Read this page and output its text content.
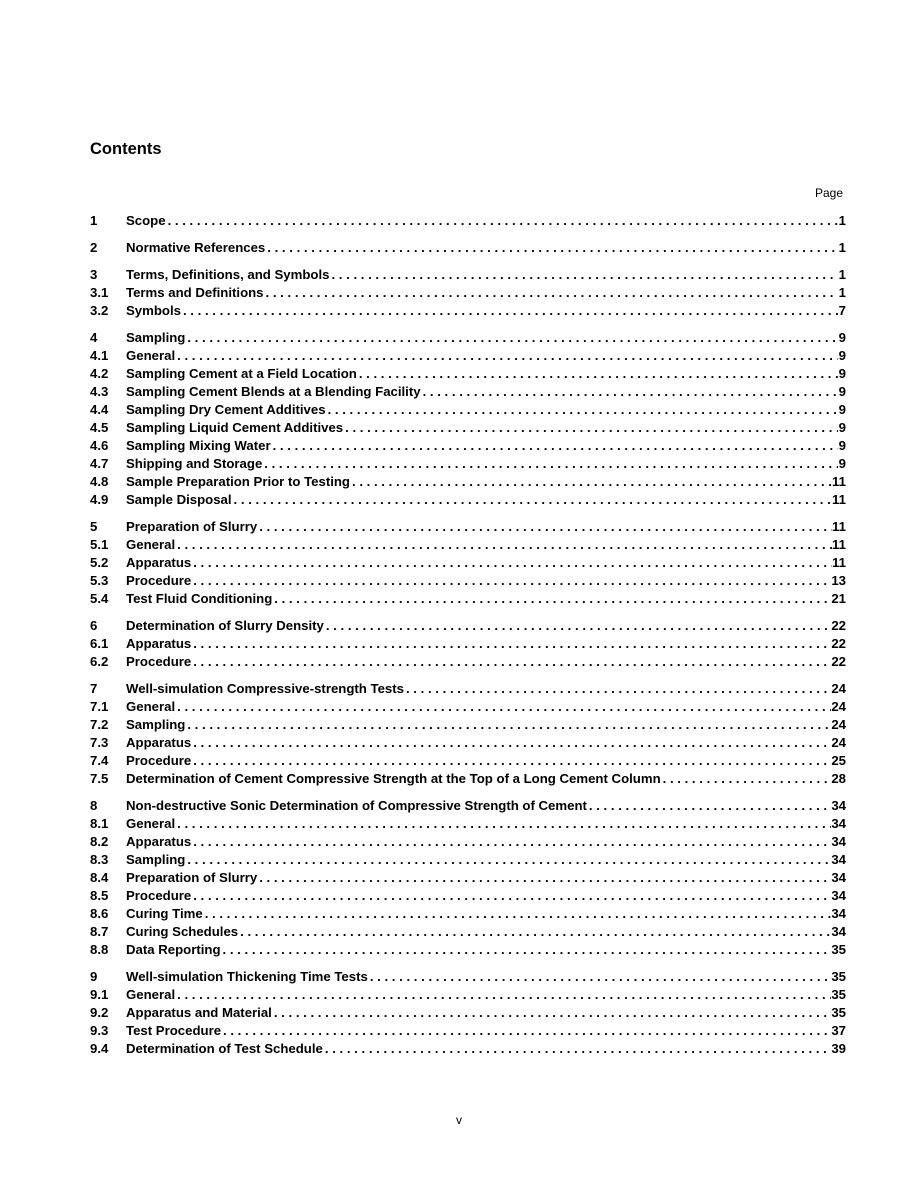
Contents
Page
1	Scope . . .	1
2	Normative References . . .	1
3	Terms, Definitions, and Symbols . . .	1
3.1	Terms and Definitions . . .	1
3.2	Symbols . . .	7
4	Sampling . . .	9
4.1	General . . .	9
4.2	Sampling Cement at a Field Location . . .	9
4.3	Sampling Cement Blends at a Blending Facility . . .	9
4.4	Sampling Dry Cement Additives . . .	9
4.5	Sampling Liquid Cement Additives . . .	9
4.6	Sampling Mixing Water . . .	9
4.7	Shipping and Storage . . .	9
4.8	Sample Preparation Prior to Testing . . .	11
4.9	Sample Disposal . . .	11
5	Preparation of Slurry . . .	11
5.1	General . . .	11
5.2	Apparatus . . .	11
5.3	Procedure . . .	13
5.4	Test Fluid Conditioning . . .	21
6	Determination of Slurry Density . . .	22
6.1	Apparatus . . .	22
6.2	Procedure . . .	22
7	Well-simulation Compressive-strength Tests . . .	24
7.1	General . . .	24
7.2	Sampling . . .	24
7.3	Apparatus . . .	24
7.4	Procedure . . .	25
7.5	Determination of Cement Compressive Strength at the Top of a Long Cement Column . . .	28
8	Non-destructive Sonic Determination of Compressive Strength of Cement . . .	34
8.1	General . . .	34
8.2	Apparatus . . .	34
8.3	Sampling . . .	34
8.4	Preparation of Slurry . . .	34
8.5	Procedure . . .	34
8.6	Curing Time . . .	34
8.7	Curing Schedules . . .	34
8.8	Data Reporting . . .	35
9	Well-simulation Thickening Time Tests . . .	35
9.1	General . . .	35
9.2	Apparatus and Material . . .	35
9.3	Test Procedure . . .	37
9.4	Determination of Test Schedule . . .	39
v
